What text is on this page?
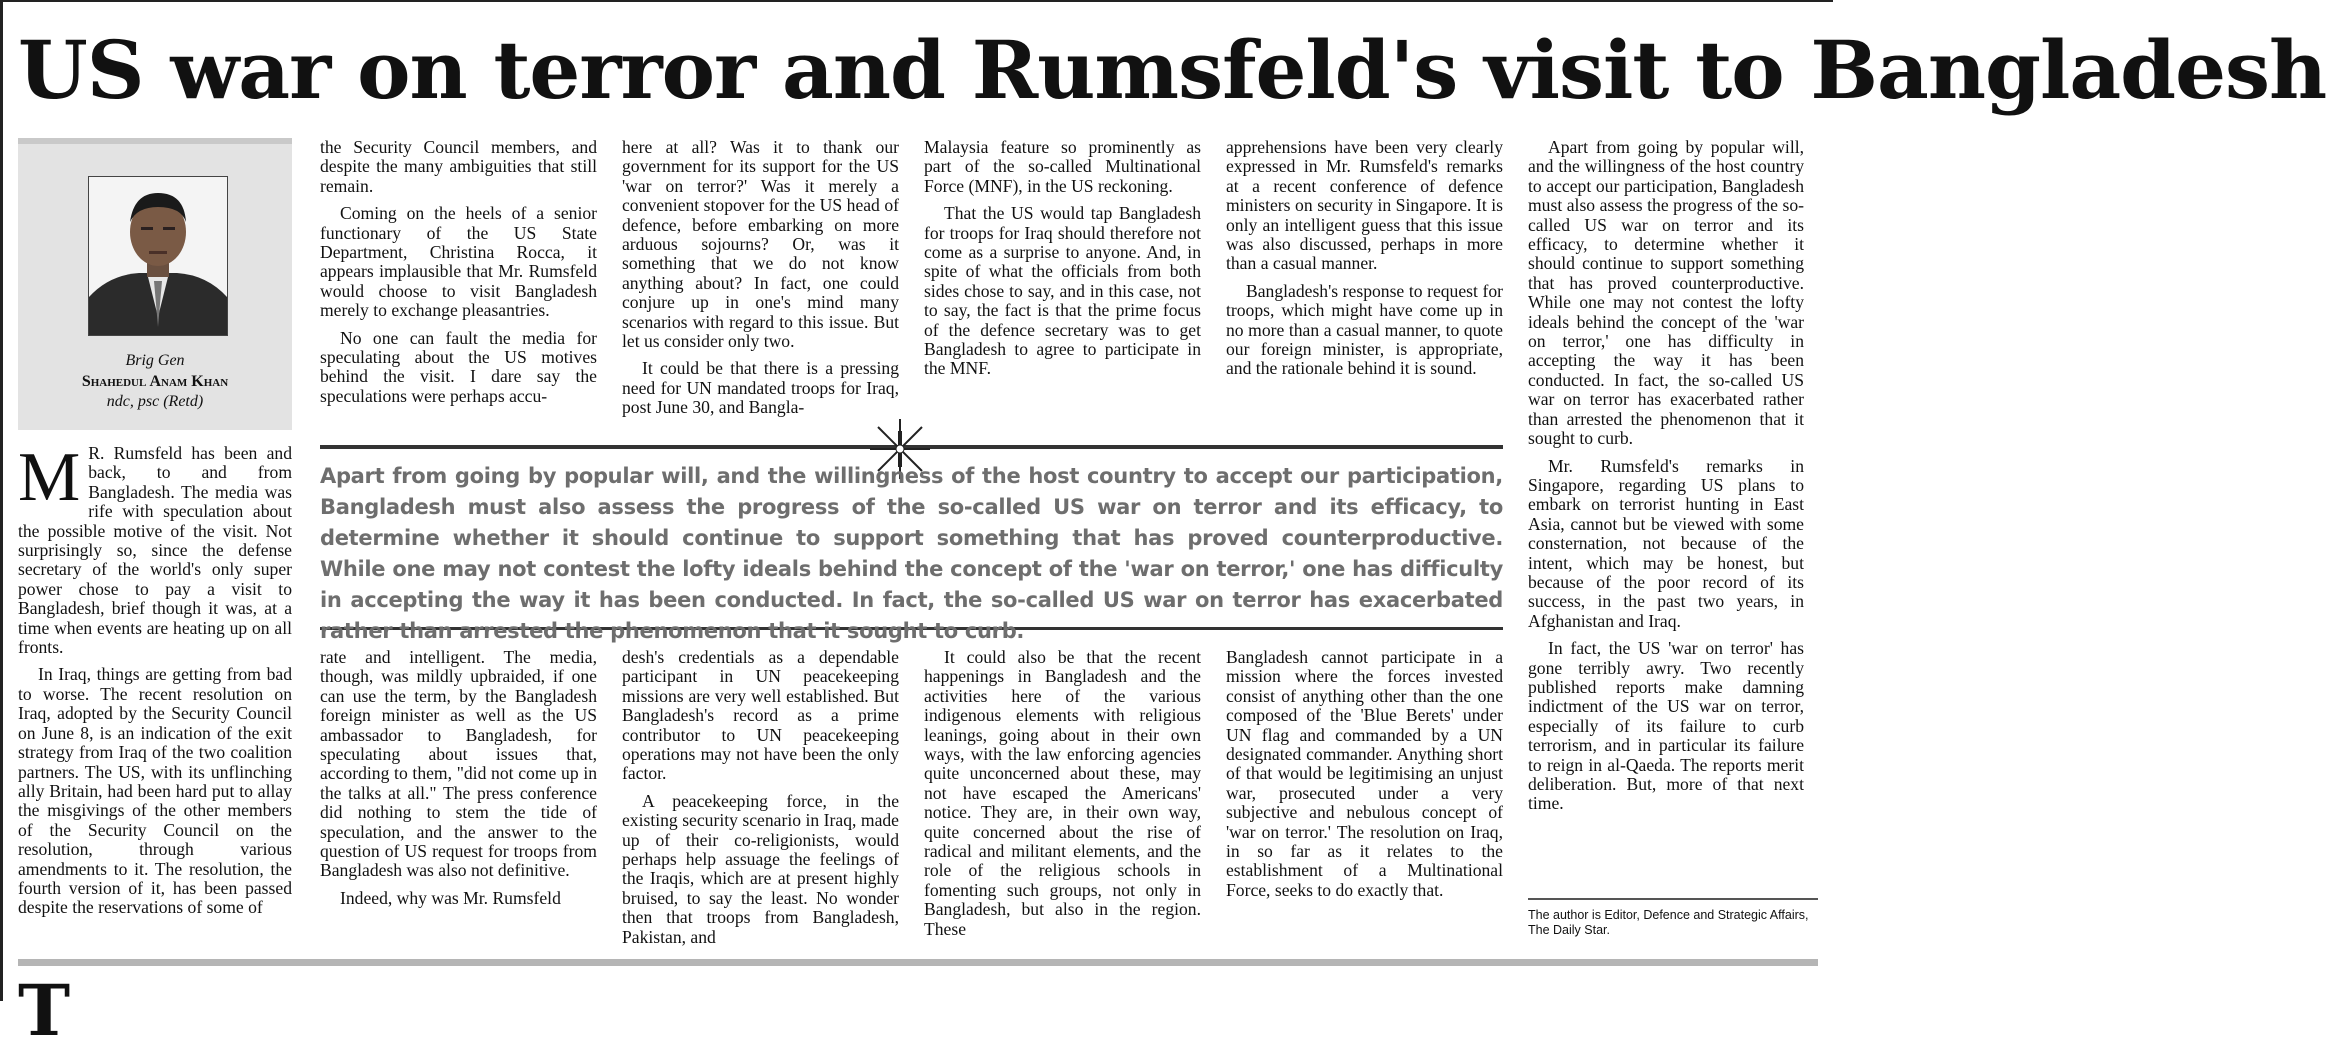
US war on terror and Rumsfeld's visit to Bangladesh
Brig Gen
Shahedul Anam Khan
ndc, psc (Retd)
M R. Rumsfeld has been and back, to and from Bangladesh. The media was rife with speculation about the possible motive of the visit. Not surprisingly so, since the defense secretary of the world's only super power chose to pay a visit to Bangladesh, brief though it was, at a time when events are heating up on all fronts.

In Iraq, things are getting from bad to worse. The recent resolution on Iraq, adopted by the Security Council on June 8, is an indication of the exit strategy from Iraq of the two coalition partners. The US, with its unflinching ally Britain, had been hard put to allay the misgivings of the other members of the Security Council on the resolution, through various amendments to it. The resolution, the fourth version of it, has been passed despite the reservations of some of

the Security Council members, and despite the many ambiguities that still remain.

Coming on the heels of a senior functionary of the US State Department, Christina Rocca, it appears implausible that Mr. Rumsfeld would choose to visit Bangladesh merely to exchange pleasantries.

No one can fault the media for speculating about the US motives behind the visit. I dare say the speculations were perhaps accu-

here at all? Was it to thank our government for its support for the US 'war on terror?' Was it merely a convenient stopover for the US head of defence, before embarking on more arduous sojourns? Or, was it something that we do not know anything about? In fact, one could conjure up in one's mind many scenarios with regard to this issue. But let us consider only two.

It could be that there is a pressing need for UN mandated troops for Iraq, post June 30, and Bangla-

Malaysia feature so prominently as part of the so-called Multinational Force (MNF), in the US reckoning.

That the US would tap Bangladesh for troops for Iraq should therefore not come as a surprise to anyone. And, in spite of what the officials from both sides chose to say, and in this case, not to say, the fact is that the prime focus of the defence secretary was to get Bangladesh to agree to participate in the MNF.

apprehensions have been very clearly expressed in Mr. Rumsfeld's remarks at a recent conference of defence ministers on security in Singapore. It is only an intelligent guess that this issue was also discussed, perhaps in more than a casual manner.

Bangladesh's response to request for troops, which might have come up in no more than a casual manner, to quote our foreign minister, is appropriate, and the rationale behind it is sound.

Apart from going by popular will, and the willingness of the host country to accept our participation, Bangladesh must also assess the progress of the so-called US war on terror and its efficacy, to determine whether it should continue to support something that has proved counterproductive. While one may not contest the lofty ideals behind the concept of the 'war on terror,' one has difficulty in accepting the way it has been conducted. In fact, the so-called US war on terror has exacerbated rather than arrested the phenomenon that it sought to curb.

Mr. Rumsfeld's remarks in Singapore, regarding US plans to embark on terrorist hunting in East Asia, cannot but be viewed with some consternation, not because of the intent, which may be honest, but because of the poor record of its success, in the past two years, in Afghanistan and Iraq.

In fact, the US 'war on terror' has gone terribly awry. Two recently published reports make damning indictment of the US war on terror, especially of its failure to curb terrorism, and in particular its failure to reign in al-Qaeda. The reports merit deliberation. But, more of that next time.

Apart from going by popular will, and the willingness of the host country to accept our participation, Bangladesh must also assess the progress of the so-called US war on terror and its efficacy, to determine whether it should continue to support something that has proved counterproductive. While one may not contest the lofty ideals behind the concept of the 'war on terror,' one has difficulty in accepting the way it has been conducted. In fact, the so-called US war on terror has exacerbated rather than arrested the phenomenon that it sought to curb.

rate and intelligent. The media, though, was mildly upbraided, if one can use the term, by the Bangladesh foreign minister as well as the US ambassador to Bangladesh, for speculating about issues that, according to them, "did not come up in the talks at all." The press conference did nothing to stem the tide of speculation, and the answer to the question of US request for troops from Bangladesh was also not definitive.

Indeed, why was Mr. Rumsfeld

desh's credentials as a dependable participant in UN peacekeeping missions are very well established. But Bangladesh's record as a prime contributor to UN peacekeeping operations may not have been the only factor.

A peacekeeping force, in the existing security scenario in Iraq, made up of their co-religionists, would perhaps help assuage the feelings of the Iraqis, which are at present highly bruised, to say the least. No wonder then that troops from Bangladesh, Pakistan, and

It could also be that the recent happenings in Bangladesh and the activities here of the various indigenous elements with religious leanings, going about in their own ways, with the law enforcing agencies quite unconcerned about these, may not have escaped the Americans' notice. They are, in their own way, quite concerned about the rise of radical and militant elements, and the role of the religious schools in fomenting such groups, not only in Bangladesh, but also in the region. These

Bangladesh cannot participate in a mission where the forces invested consist of anything other than the one composed of the 'Blue Berets' under UN flag and commanded by a UN designated commander. Anything short of that would be legitimising an unjust war, prosecuted under a very subjective and nebulous concept of 'war on terror.' The resolution on Iraq, in so far as it relates to the establishment of a Multinational Force, seeks to do exactly that.

The author is Editor, Defence and Strategic Affairs, The Daily Star.
T
